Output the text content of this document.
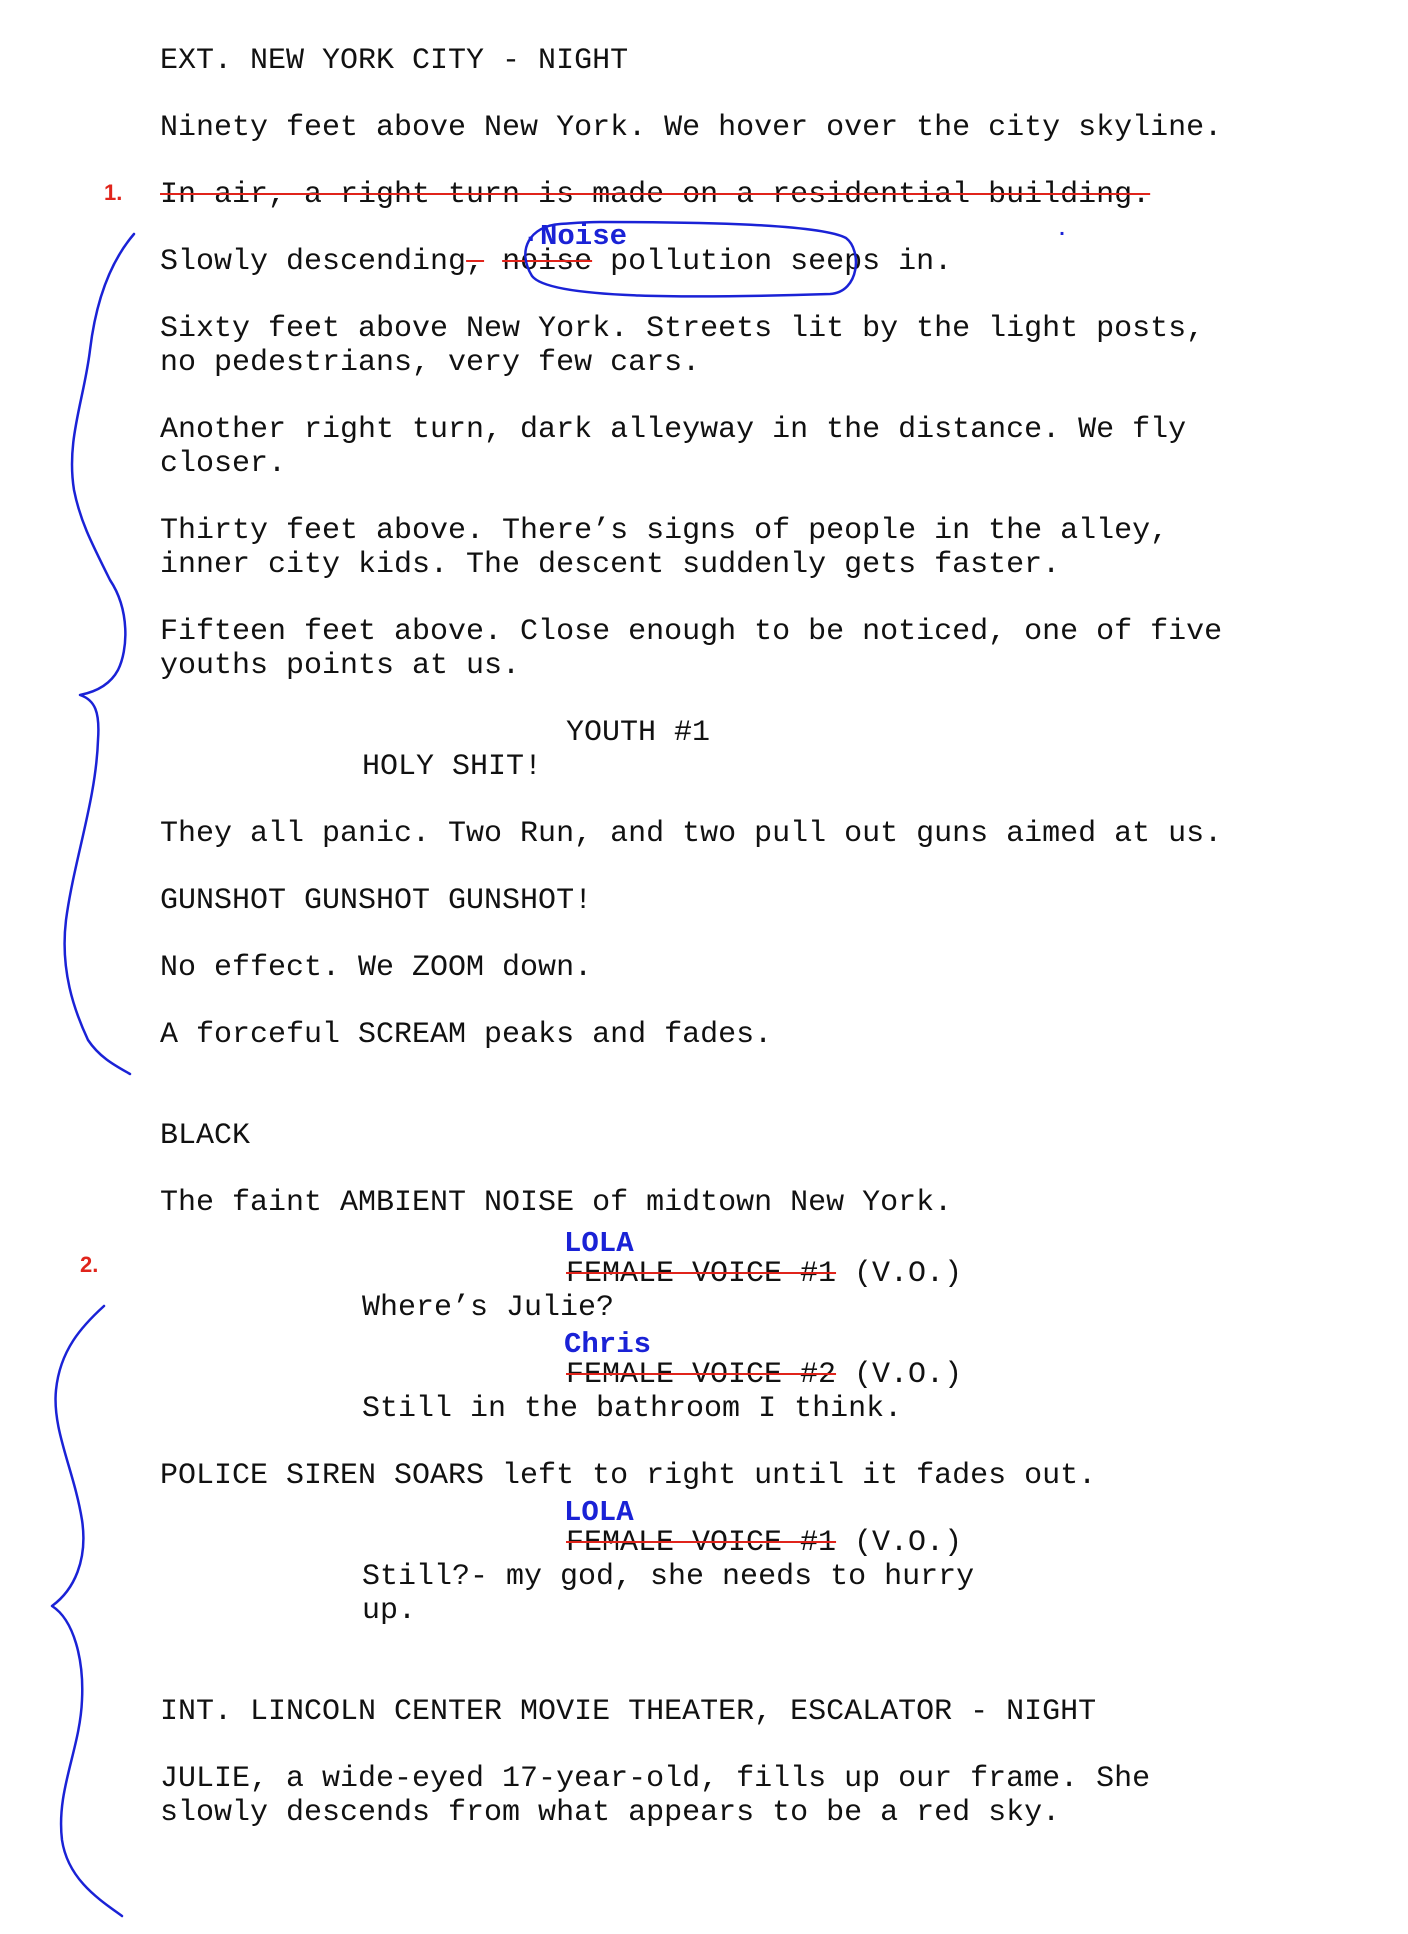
1.
2.
EXT. NEW YORK CITY - NIGHT
Ninety feet above New York. We hover over the city skyline.
In air, a right turn is made on a residential building.
Slowly descending, noise pollution seeps in.
Sixty feet above New York. Streets lit by the light posts,
no pedestrians, very few cars.
Another right turn, dark alleyway in the distance. We fly
closer.
Thirty feet above. There’s signs of people in the alley,
inner city kids. The descent suddenly gets faster.
Fifteen feet above. Close enough to be noticed, one of five
youths points at us.
YOUTH #1
HOLY SHIT!
They all panic. Two Run, and two pull out guns aimed at us.
GUNSHOT GUNSHOT GUNSHOT!
No effect. We ZOOM down.
A forceful SCREAM peaks and fades.
BLACK
The faint AMBIENT NOISE of midtown New York.
LOLA
FEMALE VOICE #1 (V.O.)
Where’s Julie?
Chris
FEMALE VOICE #2 (V.O.)
Still in the bathroom I think.
POLICE SIREN SOARS left to right until it fades out.
LOLA
FEMALE VOICE #1 (V.O.)
Still?- my god, she needs to hurry
up.
INT. LINCOLN CENTER MOVIE THEATER, ESCALATOR - NIGHT
JULIE, a wide-eyed 17-year-old, fills up our frame. She
slowly descends from what appears to be a red sky.
. Noise	.
